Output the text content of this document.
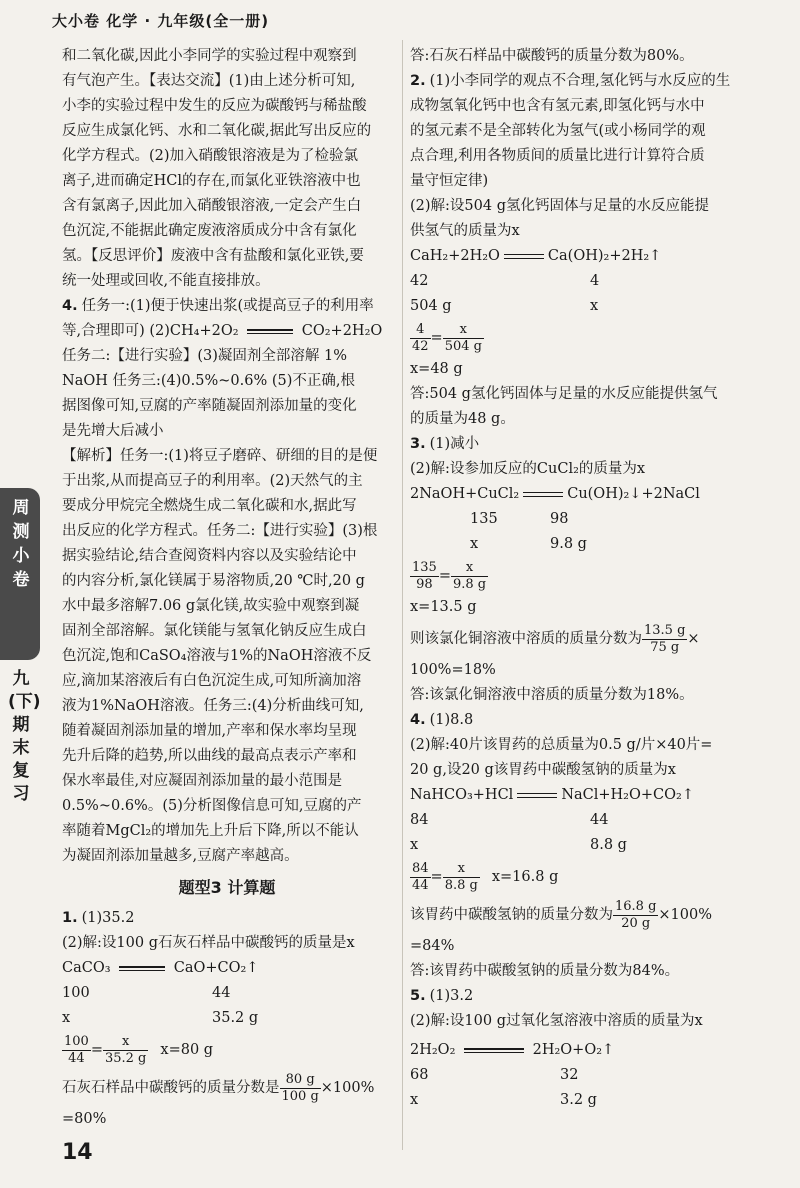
大小卷 化学 · 九年级(全一册)
和二氧化碳,因此小李同学的实验过程中观察到
有气泡产生。【表达交流】(1)由上述分析可知,
小李的实验过程中发生的反应为碳酸钙与稀盐酸
反应生成氯化钙、水和二氧化碳,据此写出反应的
化学方程式。(2)加入硝酸银溶液是为了检验氯
离子,进而确定HCl的存在,而氯化亚铁溶液中也
含有氯离子,因此加入硝酸银溶液,一定会产生白
色沉淀,不能据此确定废液溶质成分中含有氯化
氢。【反思评价】废液中含有盐酸和氯化亚铁,要
统一处理或回收,不能直接排放。
4. 任务一:(1)便于快速出浆(或提高豆子的利用率
等,合理即可) (2)CH₄+2O₂	CO₂+2H₂O
任务二:【进行实验】(3)凝固剂全部溶解 1%
NaOH 任务三:(4)0.5%~0.6% (5)不正确,根
据图像可知,豆腐的产率随凝固剂添加量的变化
是先增大后减小
【解析】任务一:(1)将豆子磨碎、研细的目的是便
于出浆,从而提高豆子的利用率。(2)天然气的主
要成分甲烷完全燃烧生成二氧化碳和水,据此写
出反应的化学方程式。任务二:【进行实验】(3)根
据实验结论,结合查阅资料内容以及实验结论中
的内容分析,氯化镁属于易溶物质,20 ℃时,20 g
水中最多溶解7.06 g氯化镁,故实验中观察到凝
固剂全部溶解。氯化镁能与氢氧化钠反应生成白
色沉淀,饱和CaSO₄溶液与1%的NaOH溶液不反
应,滴加某溶液后有白色沉淀生成,可知所滴加溶
液为1%NaOH溶液。任务三:(4)分析曲线可知,
随着凝固剂添加量的增加,产率和保水率均呈现
先升后降的趋势,所以曲线的最高点表示产率和
保水率最佳,对应凝固剂添加量的最小范围是
0.5%~0.6%。(5)分析图像信息可知,豆腐的产
率随着MgCl₂的增加先上升后下降,所以不能认
为凝固剂添加量越多,豆腐产率越高。
题型3 计算题
1. (1)35.2
(2)解:设100 g石灰石样品中碳酸钙的质量是x
CaCO₃	CaO+CO₂↑
100	44
x	35.2 g
$\frac{100}{44} = \frac{x}{35.2 g} x=80$ g
石灰石样品中碳酸钙的质量分数是 $\frac{80 g}{100 g} \times 100\%$
=80%
答:石灰石样品中碳酸钙的质量分数为80%。
2. (1)小李同学的观点不合理,氢化钙与水反应的生
成物氢氧化钙中也含有氢元素,即氢化钙与水中
的氢元素不是全部转化为氢气(或小杨同学的观
点合理,利用各物质间的质量比进行计算符合质
量守恒定律)
(2)解:设504 g氢化钙固体与足量的水反应能提
供氢气的质量为x
CaH₂+2H₂O	Ca(OH)₂+2H₂↑
42	4
504 g	x
$\frac{4}{42} = \frac{x}{504 g}$
x=48 g
答:504 g氢化钙固体与足量的水反应能提供氢气
的质量为48 g。
3. (1)减小
(2)解:设参加反应的CuCl₂的质量为x
2NaOH+CuCl₂	Cu(OH)₂↓+2NaCl
135	98
x	9.8 g
$\frac{135}{98} = \frac{x}{9.8 g}$
x=13.5 g
则该氯化铜溶液中溶质的质量分数为 $\frac{13.5 g}{75 g}$ ×
100%=18%
答:该氯化铜溶液中溶质的质量分数为18%。
4. (1)8.8
(2)解:40片该胃药的总质量为0.5 g/片×40片=
20 g,设20 g该胃药中碳酸氢钠的质量为x
NaHCO₃+HCl	NaCl+H₂O+CO₂↑
84	44
x	8.8 g
$\frac{84}{44} = \frac{x}{8.8 g} x=16.8$ g
该胃药中碳酸氢钠的质量分数为 $\frac{16.8 g}{20 g} \times 100\%$
=84%
答:该胃药中碳酸氢钠的质量分数为84%。
5. (1)3.2
(2)解:设100 g过氧化氢溶液中溶质的质量为x
2H₂O₂	2H₂O+O₂↑
68	32
x	3.2 g
周测小卷
九(下) 期末复习
14
